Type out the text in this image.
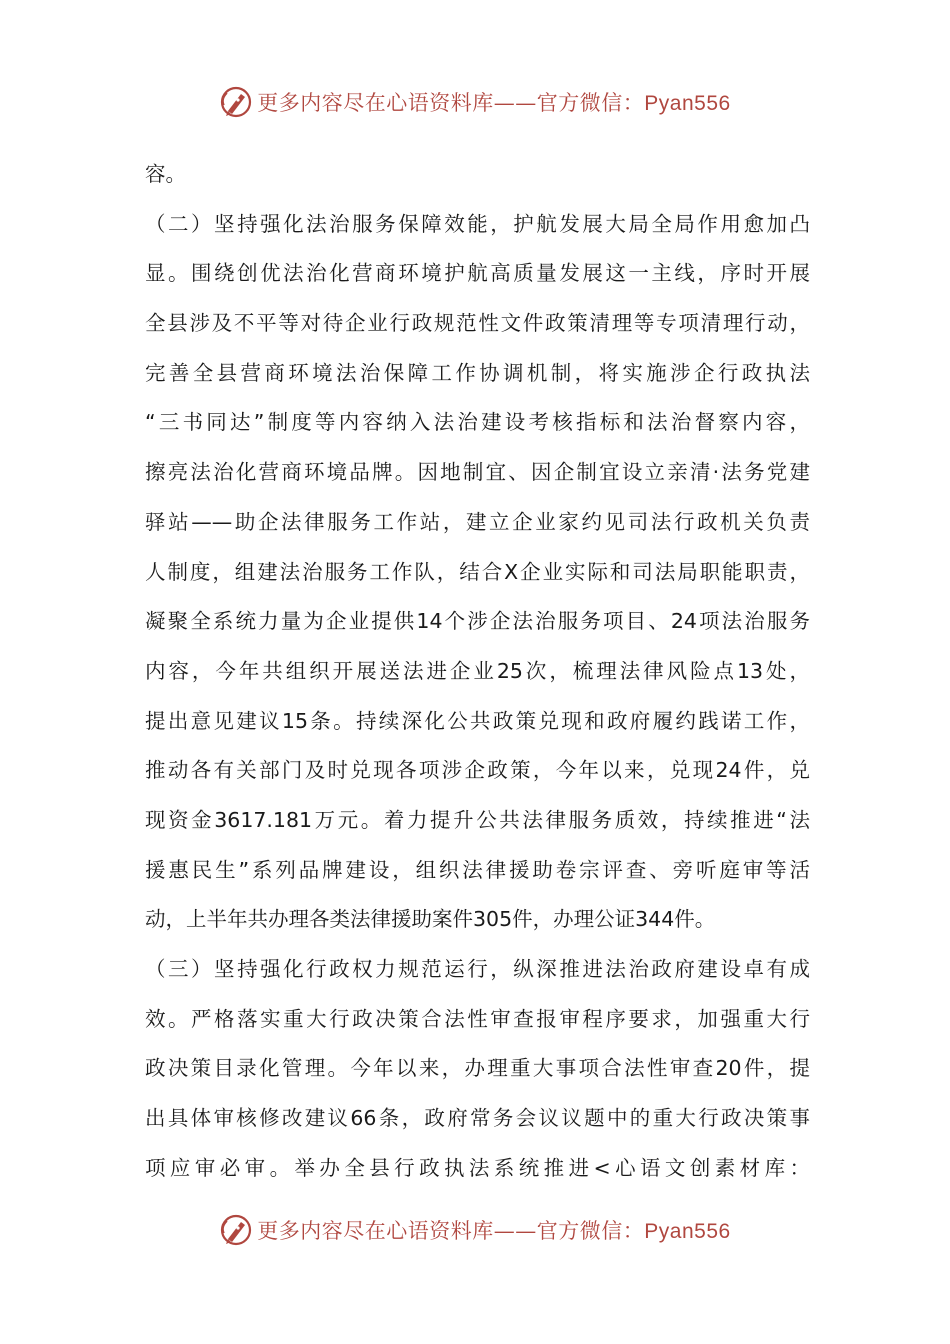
更多内容尽在心语资料库——官方微信：Pyan556
容。
（二）坚持强化法治服务保障效能，护航发展大局全局作用愈加凸
显。围绕创优法治化营商环境护航高质量发展这一主线，序时开展
全县涉及不平等对待企业行政规范性文件政策清理等专项清理行动，
完善全县营商环境法治保障工作协调机制，将实施涉企行政执法
“三书同达”制度等内容纳入法治建设考核指标和法治督察内容，
擦亮法治化营商环境品牌。因地制宜、因企制宜设立亲清·法务党建
驿站——助企法律服务工作站，建立企业家约见司法行政机关负责
人制度，组建法治服务工作队，结合X企业实际和司法局职能职责，
凝聚全系统力量为企业提供14个涉企法治服务项目、24项法治服务
内容，今年共组织开展送法进企业25次，梳理法律风险点13处，
提出意见建议15条。持续深化公共政策兑现和政府履约践诺工作，
推动各有关部门及时兑现各项涉企政策，今年以来，兑现24件，兑
现资金3617.181万元。着力提升公共法律服务质效，持续推进“法
援惠民生”系列品牌建设，组织法律援助卷宗评查、旁听庭审等活
动，上半年共办理各类法律援助案件305件，办理公证344件。
（三）坚持强化行政权力规范运行，纵深推进法治政府建设卓有成
效。严格落实重大行政决策合法性审查报审程序要求，加强重大行
政决策目录化管理。今年以来，办理重大事项合法性审查20件，提
出具体审核修改建议66条，政府常务会议议题中的重大行政决策事
项应审必审。举办全县行政执法系统推进<心语文创素材库：
更多内容尽在心语资料库——官方微信：Pyan556
